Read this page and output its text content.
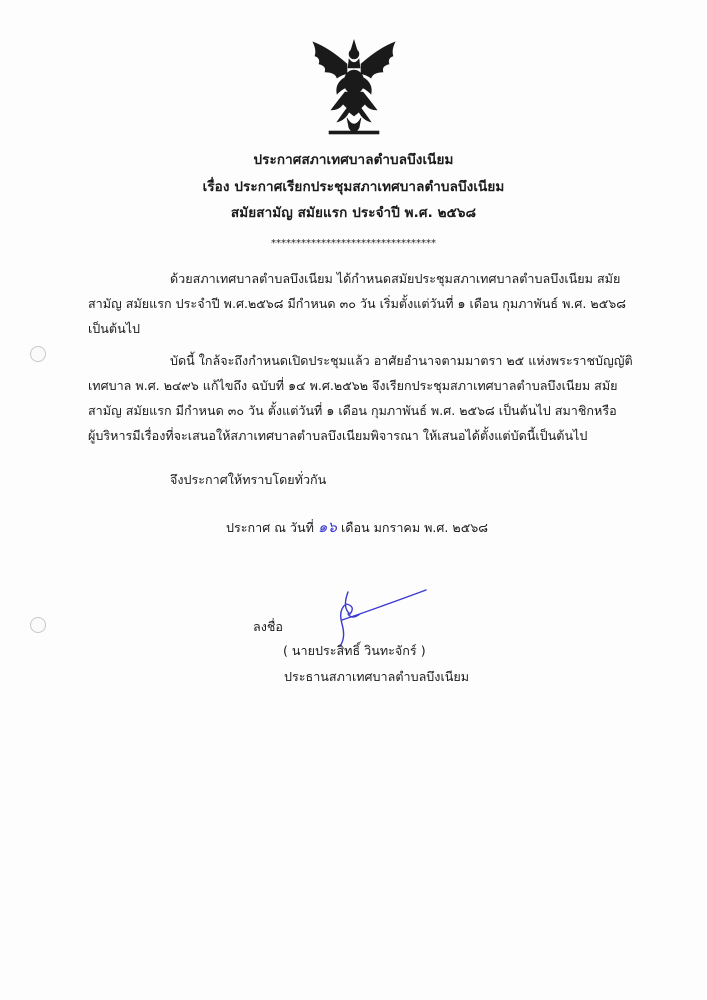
ประกาศสภาเทศบาลตำบลบึงเนียม
เรื่อง ประกาศเรียกประชุมสภาเทศบาลตำบลบึงเนียม
สมัยสามัญ สมัยแรก ประจำปี พ.ศ. ๒๕๖๘
*********************************
ด้วยสภาเทศบาลตำบลบึงเนียม ได้กำหนดสมัยประชุมสภาเทศบาลตำบลบึงเนียม สมัย
สามัญ สมัยแรก ประจำปี พ.ศ.๒๕๖๘ มีกำหนด ๓๐ วัน เริ่มตั้งแต่วันที่ ๑ เดือน กุมภาพันธ์ พ.ศ. ๒๕๖๘
เป็นต้นไป
บัดนี้ ใกล้จะถึงกำหนดเปิดประชุมแล้ว อาศัยอำนาจตามมาตรา ๒๕ แห่งพระราชบัญญัติ
เทศบาล พ.ศ. ๒๔๙๖ แก้ไขถึง ฉบับที่ ๑๔ พ.ศ.๒๕๖๒ จึงเรียกประชุมสภาเทศบาลตำบลบึงเนียม สมัย
สามัญ สมัยแรก มีกำหนด ๓๐ วัน ตั้งแต่วันที่ ๑ เดือน กุมภาพันธ์ พ.ศ. ๒๕๖๘ เป็นต้นไป สมาชิกหรือ
ผู้บริหารมีเรื่องที่จะเสนอให้สภาเทศบาลตำบลบึงเนียมพิจารณา ให้เสนอได้ตั้งแต่บัดนี้เป็นต้นไป
จึงประกาศให้ทราบโดยทั่วกัน
ประกาศ ณ วันที่ ๑๖ เดือน มกราคม พ.ศ. ๒๕๖๘
ลงชื่อ
( นายประสิทธิ์ วินทะจักร์ )
ประธานสภาเทศบาลตำบลบึงเนียม
